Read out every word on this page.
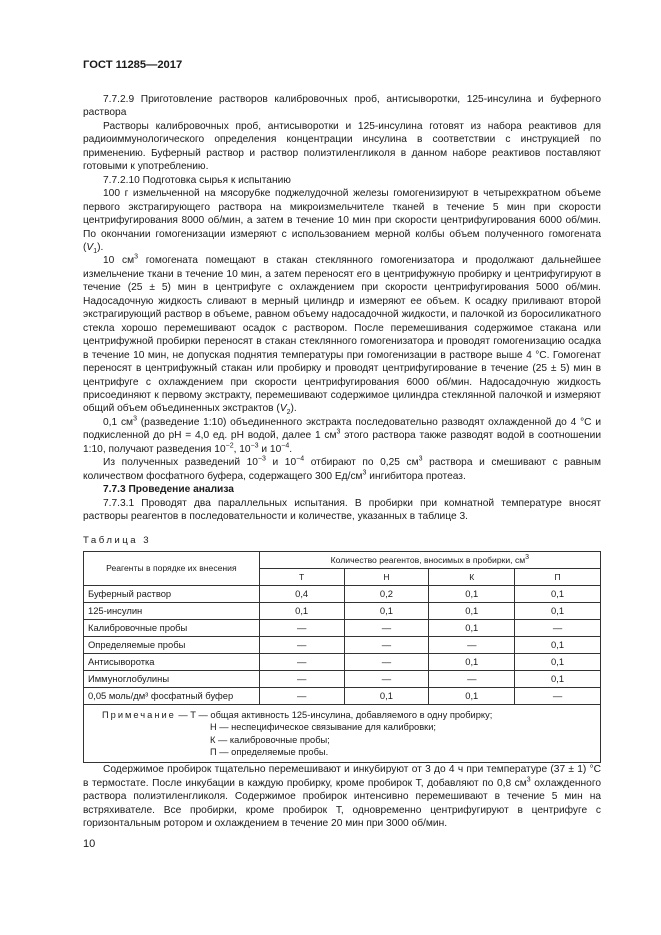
ГОСТ 11285—2017

7.7.2.9 Приготовление растворов калибровочных проб, антисыворотки, 125-инсулина и буферного раствора

Растворы калибровочных проб, антисыворотки и 125-инсулина готовят из набора реактивов для радиоиммунологического определения концентрации инсулина в соответствии с инструкцией по применению. Буферный раствор и раствор полиэтиленгликоля в данном наборе реактивов поставляют готовыми к употреблению.

7.7.2.10 Подготовка сырья к испытанию

100 г измельченной на мясорубке поджелудочной железы гомогенизируют в четырехкратном объеме первого экстрагирующего раствора на микроизмельчителе тканей в течение 5 мин при скорости центрифугирования 8000 об/мин, а затем в течение 10 мин при скорости центрифугирования 6000 об/мин. По окончании гомогенизации измеряют с использованием мерной колбы объем полученного гомогената $(V_1)$.

10 $см^3$ гомогената помещают в стакан стеклянного гомогенизатора и продолжают дальнейшее измельчение ткани в течение 10 мин, а затем переносят его в центрифужную пробирку и центрифугируют в течение (25 ± 5) мин в центрифуге с охлаждением при скорости центрифугирования 5000 об/мин. Надосадочную жидкость сливают в мерный цилиндр и измеряют ее объем. К осадку приливают второй экстрагирующий раствор в объеме, равном объему надосадочной жидкости, и палочкой из боросиликатного стекла хорошо перемешивают осадок с раствором. После перемешивания содержимое стакана или центрифужной пробирки переносят в стакан стеклянного гомогенизатора и проводят гомогенизацию осадка в течение 10 мин, не допуская поднятия температуры при гомогенизации в растворе выше 4 °С. Гомогенат переносят в центрифужный стакан или пробирку и проводят центрифугирование в течение (25 ± 5) мин в центрифуге с охлаждением при скорости центрифугирования 6000 об/мин. Надосадочную жидкость присоединяют к первому экстракту, перемешивают содержимое цилиндра стеклянной палочкой и измеряют общий объем объединенных экстрактов $(V_2)$.

0,1 $см^3$ (разведение 1:10) объединенного экстракта последовательно разводят охлажденной до 4 °С и подкисленной до рН = 4,0 ед. рН водой, далее 1 $см^3$ этого раствора также разводят водой в соотношении 1:10, получают разведения $10^{-2}$, $10^{-3}$ и $10^{-4}$.

Из полученных разведений $10^{-3}$ и $10^{-4}$ отбирают по 0,25 $см^3$ раствора и смешивают с равным количеством фосфатного буфера, содержащего 300 $Ед/см^3$ ингибитора протеаз.

7.7.3 Проведение анализа

7.7.3.1 Проводят два параллельных испытания. В пробирки при комнатной температуре вносят растворы реагентов в последовательности и количестве, указанных в таблице 3.

Таблица 3
Реагенты в порядке их внесения	Количество реагентов, вносимых в пробирки, $см^3$
	Т	Н	К	П
Буферный раствор	0,4	0,2	0,1	0,1
125-инсулин	0,1	0,1	0,1	0,1
Калибровочные пробы	—	—	0,1	—
Определяемые пробы	—	—	—	0,1
Антисыворотка	—	—	0,1	0,1
Иммуноглобулины	—	—	—	0,1
0,05 моль/дм³ фосфатный буфер	—	0,1	0,1	—

Примечание — Т — общая активность 125-инсулина, добавляемого в одну пробирку;
Н — неспецифическое связывание для калибровки;
К — калибровочные пробы;
П — определяемые пробы.				

Содержимое пробирок тщательно перемешивают и инкубируют от 3 до 4 ч при температуре (37 ± 1) °С в термостате. После инкубации в каждую пробирку, кроме пробирок Т, добавляют по 0,8 $см^3$ охлажденного раствора полиэтиленгликоля. Содержимое пробирок интенсивно перемешивают в течение 5 мин на встряхивателе. Все пробирки, кроме пробирок Т, одновременно центрифугируют в центрифуге с горизонтальным ротором и охлаждением в течение 20 мин при 3000 об/мин.

10
